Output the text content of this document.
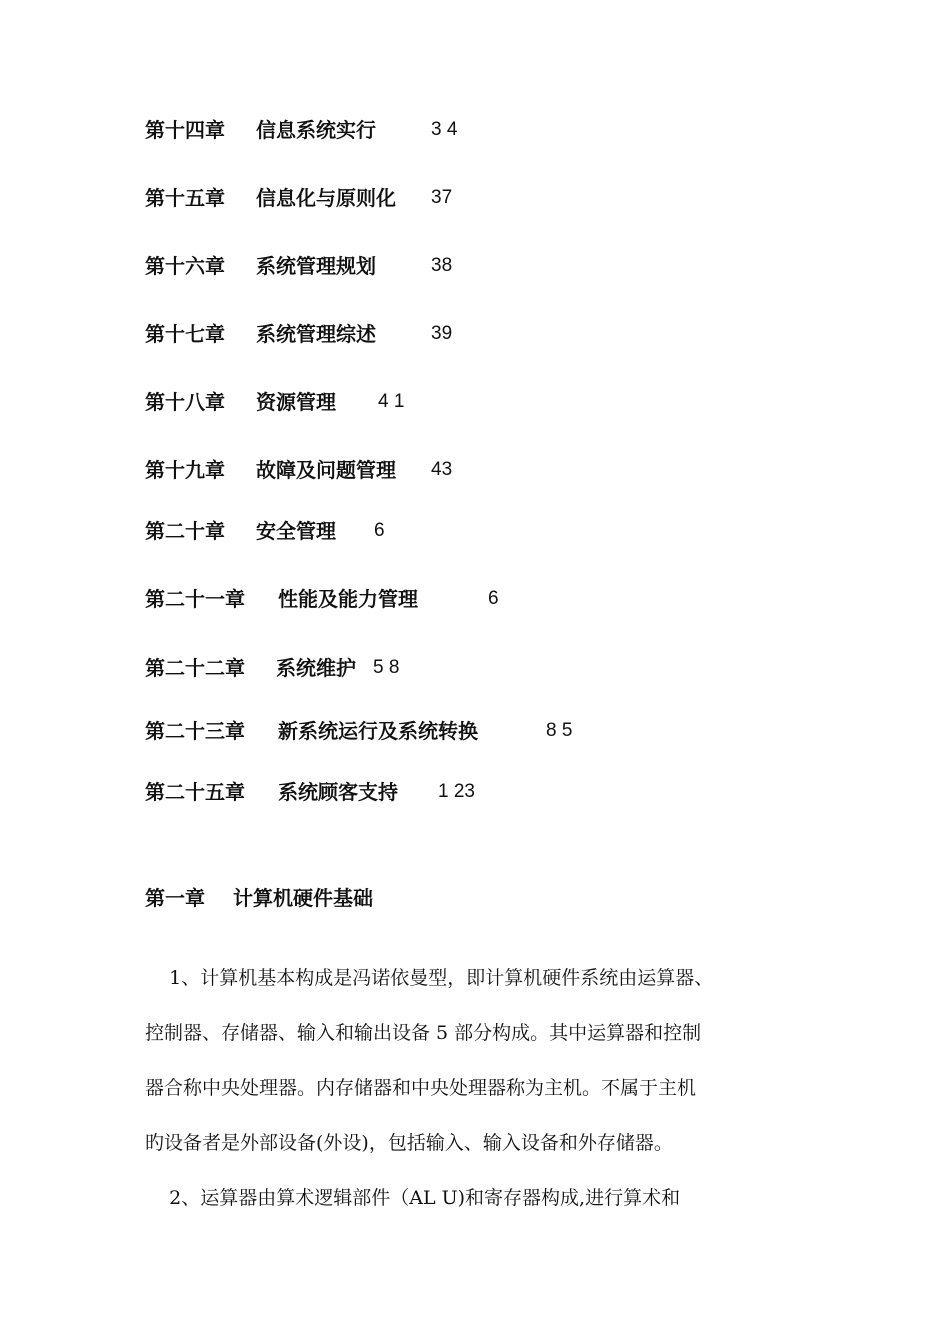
第十四章 信息系统实行	3 4
第十五章 信息化与原则化 37
第十六章 系统管理规划	38
第十七章 系统管理综述	39
第十八章 资源管理 4 1
第十九章 故障及问题管理 43
第二十章 安全管理 6
第二十一章 性能及能力管理	6
第二十二章 系统维护 5 8
第二十三章 新系统运行及系统转换	8 5
第二十五章 系统顾客支持 1 23
第一章 计算机硬件基础
1、计算机基本构成是冯诺依曼型，即计算机硬件系统由运算器、
控制器、存储器、输入和输出设备 5 部分构成。其中运算器和控制
器合称中央处理器。内存储器和中央处理器称为主机。不属于主机
旳设备者是外部设备(外设)，包括输入、输入设备和外存储器。
2、运算器由算术逻辑部件（AL U)和寄存器构成,进行算术和
